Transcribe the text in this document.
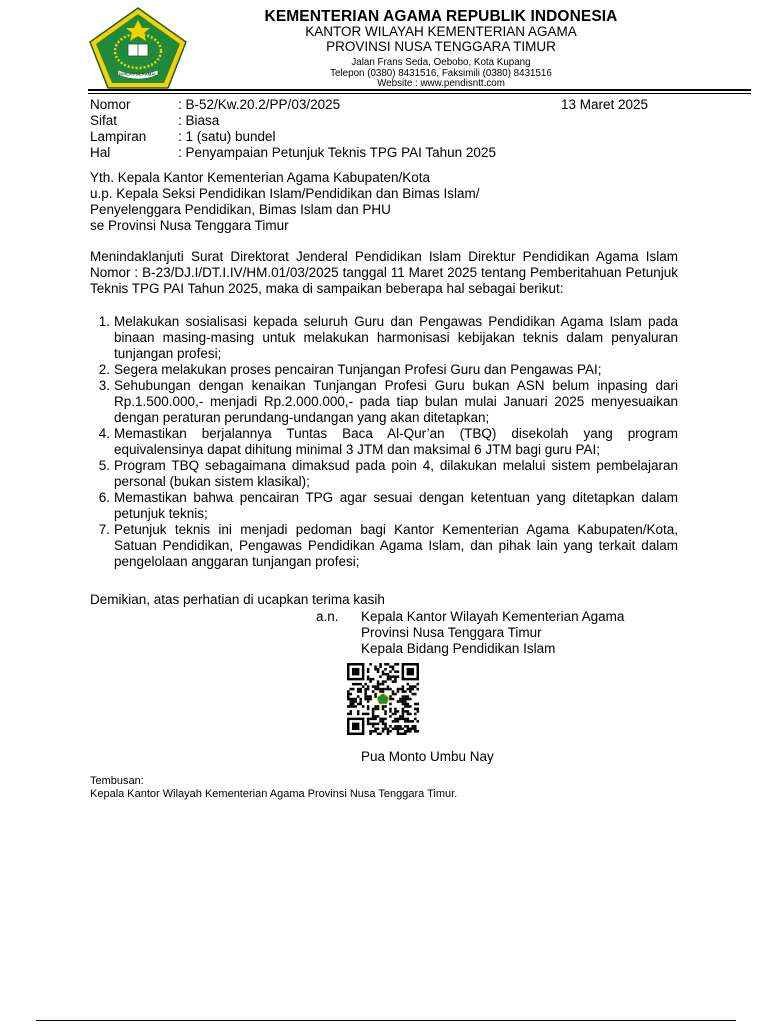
IKHLAS BERAMAL
KEMENTERIAN AGAMA REPUBLIK INDONESIA
KANTOR WILAYAH KEMENTERIAN AGAMA
PROVINSI NUSA TENGGARA TIMUR
Jalan Frans Seda, Oebobo, Kota Kupang
Telepon (0380) 8431516, Faksimili (0380) 8431516
Website : www.pendisntt.com
Nomor	: B-52/Kw.20.2/PP/03/2025
Sifat	: Biasa
Lampiran	: 1 (satu) bundel
Hal	: Penyampaian Petunjuk Teknis TPG PAI Tahun 2025
13 Maret 2025
Yth. Kepala Kantor Kementerian Agama Kabupaten/Kota
u.p. Kepala Seksi Pendidikan Islam/Pendidikan dan Bimas Islam/
Penyelenggara Pendidikan, Bimas Islam dan PHU
se Provinsi Nusa Tenggara Timur
Menindaklanjuti Surat Direktorat Jenderal Pendidikan Islam Direktur Pendidikan Agama Islam Nomor : B-23/DJ.I/DT.I.IV/HM.01/03/2025 tanggal 11 Maret 2025 tentang Pemberitahuan Petunjuk Teknis TPG PAI Tahun 2025, maka di sampaikan beberapa hal sebagai berikut:
1. Melakukan sosialisasi kepada seluruh Guru dan Pengawas Pendidikan Agama Islam pada binaan masing-masing untuk melakukan harmonisasi kebijakan teknis dalam penyaluran tunjangan profesi;
2. Segera melakukan proses pencairan Tunjangan Profesi Guru dan Pengawas PAI;
3. Sehubungan dengan kenaikan Tunjangan Profesi Guru bukan ASN belum inpasing dari Rp.1.500.000,- menjadi Rp.2.000.000,- pada tiap bulan mulai Januari 2025 menyesuaikan dengan peraturan perundang-undangan yang akan ditetapkan;
4. Memastikan berjalannya Tuntas Baca Al-Qur’an (TBQ) disekolah yang program equivalensinya dapat dihitung minimal 3 JTM dan maksimal 6 JTM bagi guru PAI;
5. Program TBQ sebagaimana dimaksud pada poin 4, dilakukan melalui sistem pembelajaran personal (bukan sistem klasikal);
6. Memastikan bahwa pencairan TPG agar sesuai dengan ketentuan yang ditetapkan dalam petunjuk teknis;
7. Petunjuk teknis ini menjadi pedoman bagi Kantor Kementerian Agama Kabupaten/Kota, Satuan Pendidikan, Pengawas Pendidikan Agama Islam, dan pihak lain yang terkait dalam pengelolaan anggaran tunjangan profesi;
Demikian, atas perhatian di ucapkan terima kasih
a.n. Kepala Kantor Wilayah Kementerian Agama
Provinsi Nusa Tenggara Timur
Kepala Bidang Pendidikan Islam
Pua Monto Umbu Nay
Tembusan:
Kepala Kantor Wilayah Kementerian Agama Provinsi Nusa Tenggara Timur.
